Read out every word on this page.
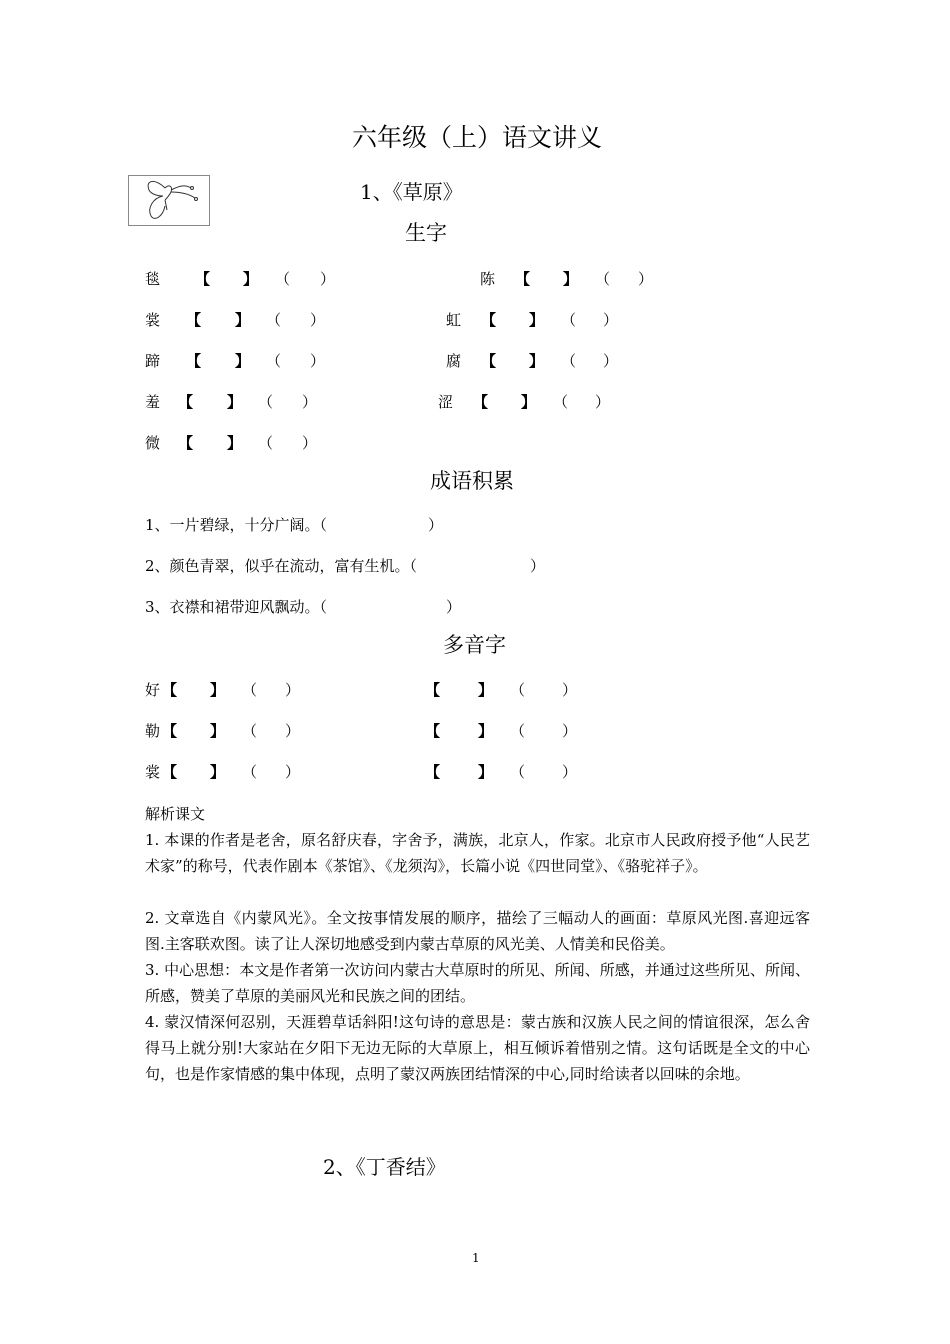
六年级（上）语文讲义
1、《草原》
生字
毯 【 】 （ ）	陈 【 】 （ ）
裳 【 】 （ ）	虹 【 】 （ ）
蹄 【 】 （ ）	腐 【 】 （ ）
羞 【 】 （ ）	涩 【 】 （ ）
微 【 】 （ ）
成语积累
1、一片碧绿，十分广阔。（	）
2、颜色青翠，似乎在流动，富有生机。（	）
3、衣襟和裙带迎风飘动。（	）
多音字
好 【 】 （ ）	【	】 （ ）
勒 【 】 （ ）	【	】 （ ）
裳 【 】 （ ）	【	】 （ ）
解析课文
1. 本课的作者是老舍，原名舒庆春，字舍予，满族，北京人，作家。北京市人民政府授予他“人民艺术家”的称号，代表作剧本《茶馆》、《龙须沟》，长篇小说《四世同堂》、《骆驼祥子》。
2. 文章选自《内蒙风光》。全文按事情发展的顺序，描绘了三幅动人的画面：草原风光图.喜迎远客图.主客联欢图。读了让人深切地感受到内蒙古草原的风光美、人情美和民俗美。
3. 中心思想：本文是作者第一次访问内蒙古大草原时的所见、所闻、所感，并通过这些所见、所闻、所感，赞美了草原的美丽风光和民族之间的团结。
4. 蒙汉情深何忍别，天涯碧草话斜阳!这句诗的意思是：蒙古族和汉族人民之间的情谊很深，怎么舍得马上就分别!大家站在夕阳下无边无际的大草原上，相互倾诉着惜别之情。这句话既是全文的中心句，也是作家情感的集中体现，点明了蒙汉两族团结情深的中心,同时给读者以回味的余地。
2、《丁香结》
1
